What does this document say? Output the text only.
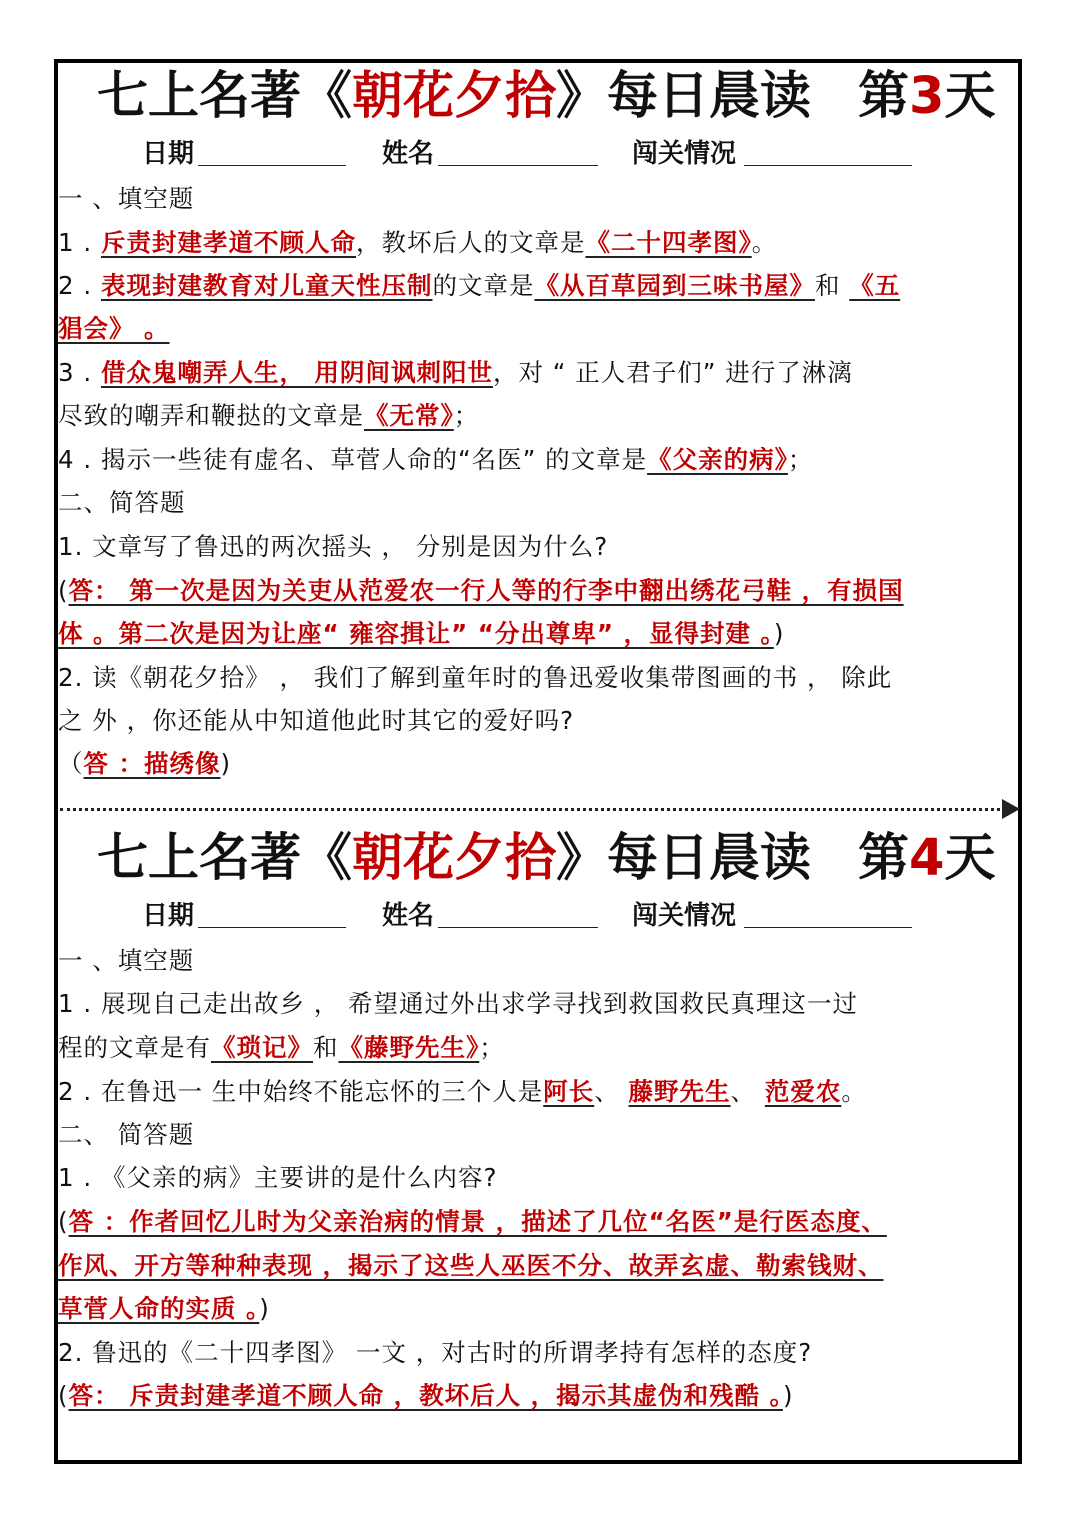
七上名著《朝花夕拾》每日晨读 第3天
日期	姓名	闯关情况
一 、填空题
1 . 斥责封建孝道不顾人命，教坏后人的文章是《二十四孝图》。
2 . 表现封建教育对儿童天性压制的文章是《从百草园到三味书屋》和 《五
猖会》 。
3 . 借众鬼嘲弄人生， 用阴间讽刺阳世，对 “ 正人君子们” 进行了淋漓
尽致的嘲弄和鞭挞的文章是《无常》；
4 . 揭示一些徒有虚名、草菅人命的“名医” 的文章是《父亲的病》；
二、简答题
1. 文章写了鲁迅的两次摇头 ， 分别是因为什么?
(答： 第一次是因为关吏从范爱农一行人等的行李中翻出绣花弓鞋 ，有损国
体 。第二次是因为让座“ 雍容揖让” “分出尊卑” ，显得封建 。)
2. 读《朝花夕拾》 ， 我们了解到童年时的鲁迅爱收集带图画的书 ， 除此
之 外 ，你还能从中知道他此时其它的爱好吗?
（答 ：描绣像)
七上名著《朝花夕拾》每日晨读 第4天
日期	姓名	闯关情况
一 、填空题
1 . 展现自己走出故乡 ， 希望通过外出求学寻找到救国救民真理这一过
程的文章是有《琐记》和《藤野先生》；
2 . 在鲁迅一 生中始终不能忘怀的三个人是阿长、 藤野先生、 范爱农。
二、 简答题
1 . 《父亲的病》主要讲的是什么内容?
(答 ：作者回忆儿时为父亲治病的情景 ，描述了几位“名医”是行医态度、
作风、开方等种种表现 ，揭示了这些人巫医不分、故弄玄虚、勒索钱财、
草菅人命的实质 。)
2. 鲁迅的《二十四孝图》 一文 ，对古时的所谓孝持有怎样的态度?
(答： 斥责封建孝道不顾人命 ，教坏后人 ，揭示其虚伪和残酷 。)
